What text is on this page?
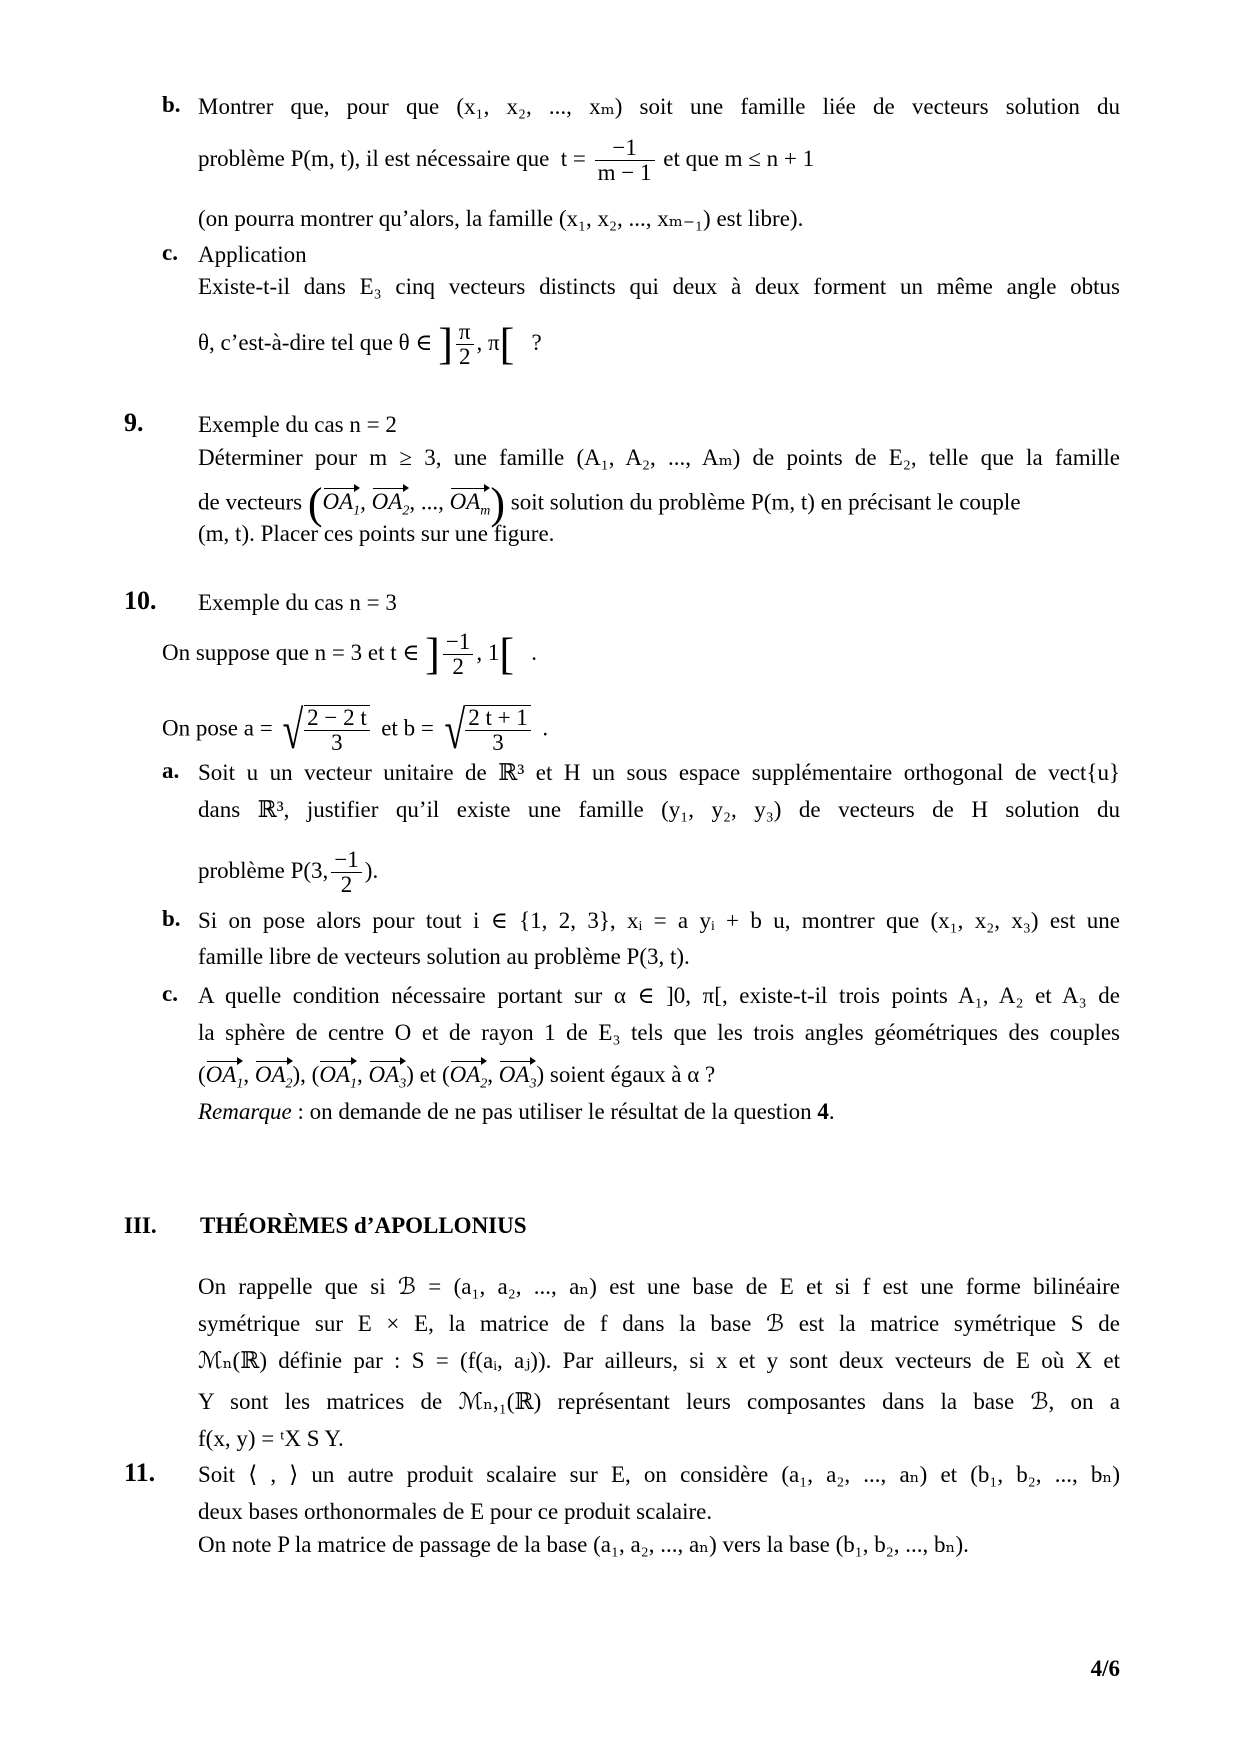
b. Montrer que, pour que (x₁, x₂, ..., xₘ) soit une famille liée de vecteurs solution du
problème P(m, t), il est nécessaire que  $t = \frac{-1}{m - 1}$ et que m ≤ n + 1
(on pourra montrer qu’alors, la famille (x₁, x₂, ..., xₘ₋₁) est libre).
c. Application
Existe-t-il dans E₃ cinq vecteurs distincts qui deux à deux forment un même angle obtus
θ, c’est-à-dire tel que θ ∈ ] $\frac{\pi}{2}$ , π[ ?
9. Exemple du cas n = 2
Déterminer pour m ≥ 3, une famille (A₁, A₂, ..., Aₘ) de points de E₂, telle que la famille
de vecteurs ($OA_1$, $OA_2$, ..., $OA_m$) soit solution du problème P(m, t) en précisant le couple
(m, t). Placer ces points sur une figure.
10. Exemple du cas n = 3
On suppose que n = 3 et t ∈ ] $\frac{-1}{2}$ , 1[   .
On pose a = √ $\frac{2 - 2 t}{3}$ et b = √ $\frac{2 t + 1}{3}$ .
a. Soit u un vecteur unitaire de ℝ³ et H un sous espace supplémentaire orthogonal de vect{u}
dans ℝ³, justifier qu’il existe une famille (y₁, y₂, y₃) de vecteurs de H solution du
problème P(3, $\frac{-1}{2}$ ).
b. Si on pose alors pour tout i ∈ {1, 2, 3}, xᵢ = a yᵢ + b u, montrer que (x₁, x₂, x₃) est une
famille libre de vecteurs solution au problème P(3, t).
c. A quelle condition nécessaire portant sur α ∈ ]0, π[, existe-t-il trois points A₁, A₂ et A₃ de
la sphère de centre O et de rayon 1 de E₃ tels que les trois angles géométriques des couples
($OA_1$, $OA_2$), ($OA_1$, $OA_3$) et ($OA_2$, $OA_3$) soient égaux à α ?
Remarque : on demande de ne pas utiliser le résultat de la question 4.
III. THÉORÈMES d’APOLLONIUS
On rappelle que si ℬ = (a₁, a₂, ..., aₙ) est une base de E et si f est une forme bilinéaire
symétrique sur E × E, la matrice de f dans la base ℬ est la matrice symétrique S de
ℳₙ(ℝ) définie par : S = (f(aᵢ, aⱼ)). Par ailleurs, si x et y sont deux vecteurs de E où X et
Y sont les matrices de ℳₙ,₁(ℝ) représentant leurs composantes dans la base ℬ, on a
f(x, y) = ᵗX S Y.
11. Soit ⟨ , ⟩ un autre produit scalaire sur E, on considère (a₁, a₂, ..., aₙ) et (b₁, b₂, ..., bₙ)
deux bases orthonormales de E pour ce produit scalaire.
On note P la matrice de passage de la base (a₁, a₂, ..., aₙ) vers la base (b₁, b₂, ..., bₙ).
4/6
